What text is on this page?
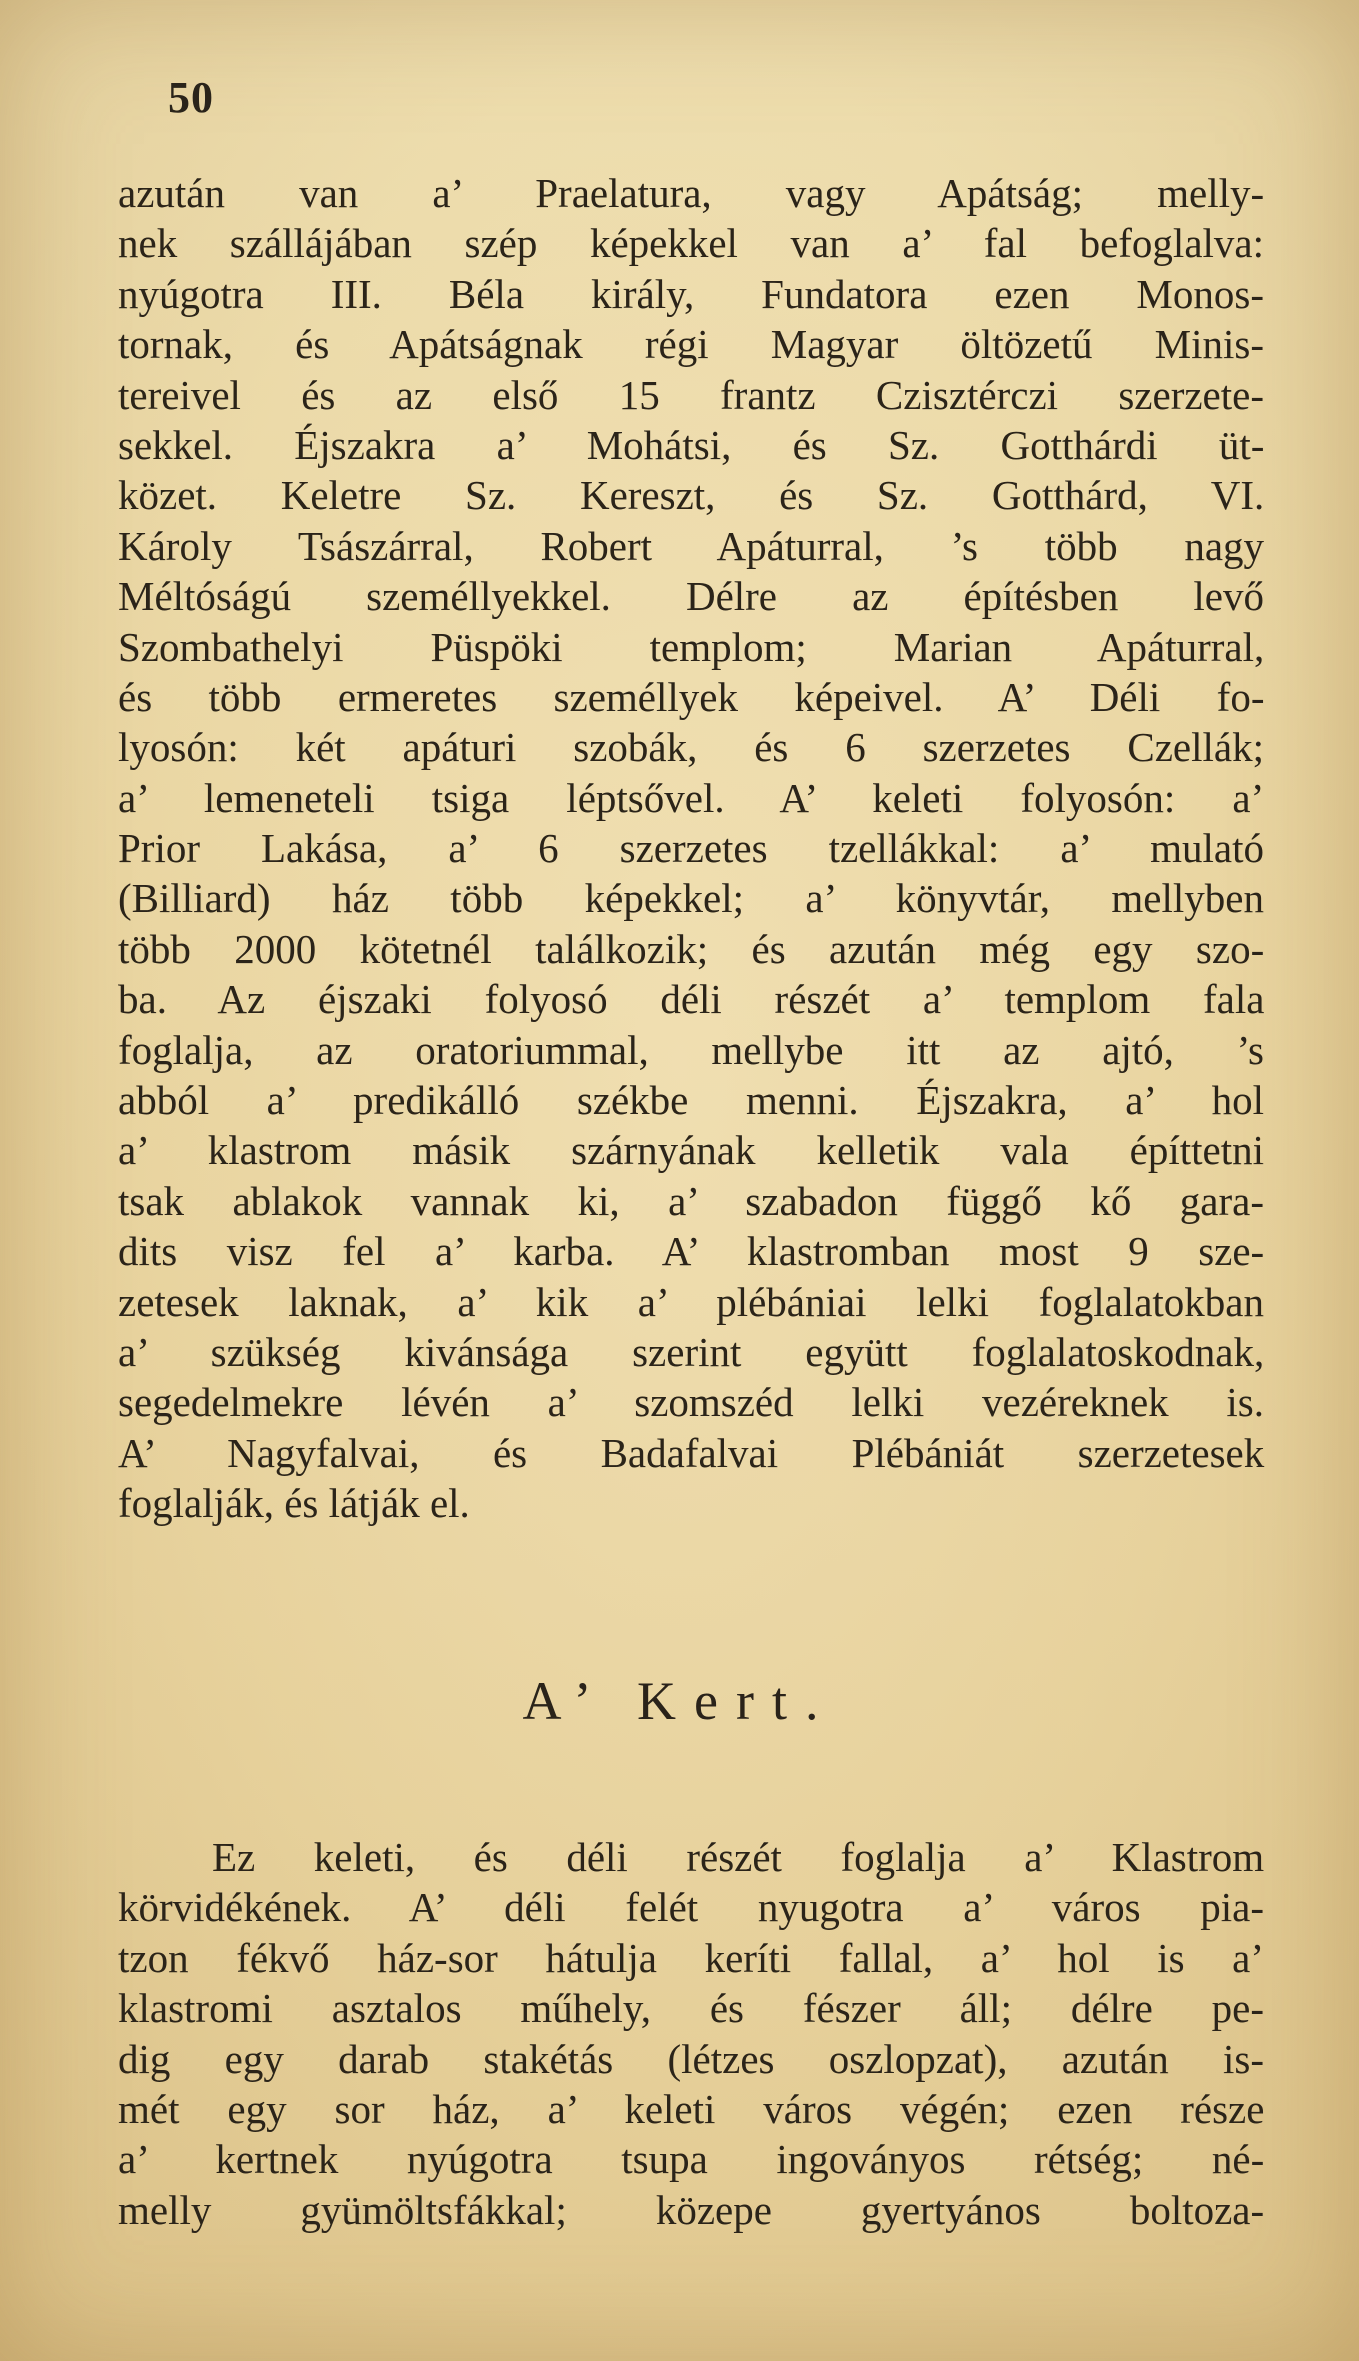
50
azután van a’ Praelatura, vagy Apátság; melly-
nek szállájában szép képekkel van a’ fal befoglalva:
nyúgotra III. Béla király, Fundatora ezen Monos-
tornak, és Apátságnak régi Magyar öltözetű Minis-
tereivel és az első 15 frantz Czisztérczi szerzete-
sekkel. Éjszakra a’ Mohátsi, és Sz. Gotthárdi üt-
közet. Keletre Sz. Kereszt, és Sz. Gotthárd, VI.
Károly Tsászárral, Robert Apáturral, ’s több nagy
Méltóságú személlyekkel. Délre az építésben levő
Szombathelyi Püspöki templom; Marian Apáturral,
és több ermeretes személlyek képeivel. A’ Déli fo-
lyosón: két apáturi szobák, és 6 szerzetes Czellák;
a’ lemeneteli tsiga léptsővel. A’ keleti folyosón: a’
Prior Lakása, a’ 6 szerzetes tzellákkal: a’ mulató
(Billiard) ház több képekkel; a’ könyvtár, mellyben
több 2000 kötetnél találkozik; és azután még egy szo-
ba. Az éjszaki folyosó déli részét a’ templom fala
foglalja, az oratoriummal, mellybe itt az ajtó, ’s
abból a’ predikálló székbe menni. Éjszakra, a’ hol
a’ klastrom másik szárnyának kelletik vala építtetni
tsak ablakok vannak ki, a’ szabadon függő kő gara-
dits visz fel a’ karba. A’ klastromban most 9 sze-
zetesek laknak, a’ kik a’ plébániai lelki foglalatokban
a’ szükség kivánsága szerint együtt foglalatoskodnak,
segedelmekre lévén a’ szomszéd lelki vezéreknek is.
A’ Nagyfalvai, és Badafalvai Plébániát szerzetesek
foglalják, és látják el.
A’ Kert.
Ez keleti, és déli részét foglalja a’ Klastrom
körvidékének. A’ déli felét nyugotra a’ város pia-
tzon fékvő ház-sor hátulja keríti fallal, a’ hol is a’
klastromi asztalos műhely, és fészer áll; délre pe-
dig egy darab stakétás (létzes oszlopzat), azután is-
mét egy sor ház, a’ keleti város végén; ezen része
a’ kertnek nyúgotra tsupa ingoványos rétség; né-
melly gyümöltsfákkal; közepe gyertyános boltoza-
